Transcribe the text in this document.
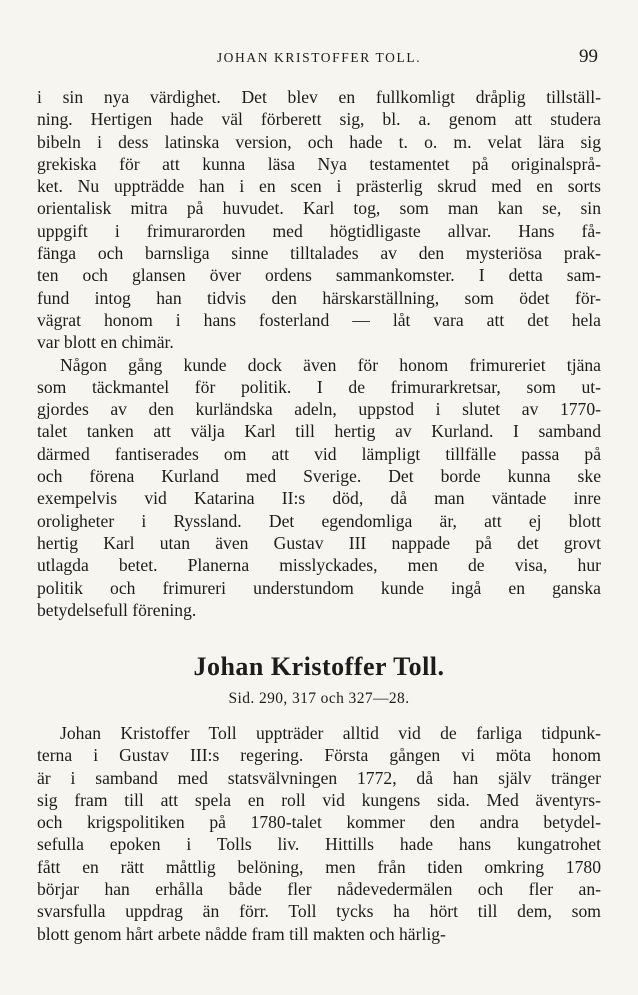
JOHAN KRISTOFFER TOLL.	99
i sin nya värdighet. Det blev en fullkomligt dråplig tillställ-
ning. Hertigen hade väl förberett sig, bl. a. genom att studera
bibeln i dess latinska version, och hade t. o. m. velat lära sig
grekiska för att kunna läsa Nya testamentet på originalsprå-
ket. Nu uppträdde han i en scen i prästerlig skrud med en sorts
orientalisk mitra på huvudet. Karl tog, som man kan se, sin
uppgift i frimurarorden med högtidligaste allvar. Hans få-
fänga och barnsliga sinne tilltalades av den mysteriösa prak-
ten och glansen över ordens sammankomster. I detta sam-
fund intog han tidvis den härskarställning, som ödet för-
vägrat honom i hans fosterland — låt vara att det hela
var blott en chimär.
Någon gång kunde dock även för honom frimureriet tjäna
som täckmantel för politik. I de frimurarkretsar, som ut-
gjordes av den kurländska adeln, uppstod i slutet av 1770-
talet tanken att välja Karl till hertig av Kurland. I samband
därmed fantiserades om att vid lämpligt tillfälle passa på
och förena Kurland med Sverige. Det borde kunna ske
exempelvis vid Katarina II:s död, då man väntade inre
oroligheter i Ryssland. Det egendomliga är, att ej blott
hertig Karl utan även Gustav III nappade på det grovt
utlagda betet. Planerna misslyckades, men de visa, hur
politik och frimureri understundom kunde ingå en ganska
betydelsefull förening.
Johan Kristoffer Toll.
Sid. 290, 317 och 327—28.
Johan Kristoffer Toll uppträder alltid vid de farliga tidpunk-
terna i Gustav III:s regering. Första gången vi möta honom
är i samband med statsvälvningen 1772, då han själv tränger
sig fram till att spela en roll vid kungens sida. Med äventyrs-
och krigspolitiken på 1780-talet kommer den andra betydel-
sefulla epoken i Tolls liv. Hittills hade hans kungatrohet
fått en rätt måttlig belöning, men från tiden omkring 1780
börjar han erhålla både fler nådevedermälen och fler an-
svarsfulla uppdrag än förr. Toll tycks ha hört till dem, som
blott genom hårt arbete nådde fram till makten och härlig-
